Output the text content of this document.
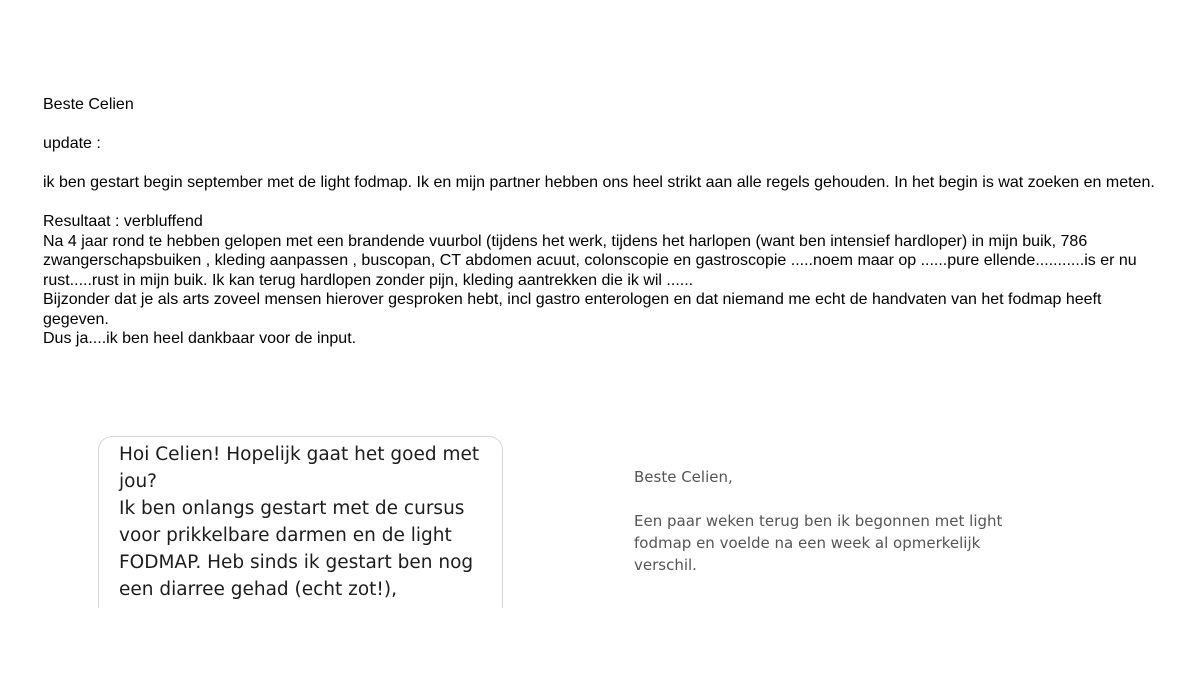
Beste Celien

update :

ik ben gestart begin september met de light fodmap. Ik en mijn partner hebben ons heel strikt aan alle regels gehouden. In het begin is wat zoeken en meten.

Resultaat : verbluffend

Na 4 jaar rond te hebben gelopen met een brandende vuurbol (tijdens het werk, tijdens het harlopen (want ben intensief hardloper) in mijn buik, 786 zwangerschapsbuiken , kleding aanpassen , buscopan, CT abdomen acuut, colonscopie en gastroscopie .....noem maar op ......pure ellende...........is er nu rust.....rust in mijn buik. Ik kan terug hardlopen zonder pijn, kleding aantrekken die ik wil ......

Bijzonder dat je als arts zoveel mensen hierover gesproken hebt, incl gastro enterologen en dat niemand me echt de handvaten van het fodmap heeft gegeven.

Dus ja....ik ben heel dankbaar voor de input.

Hoi Celien! Hopelijk gaat het goed met jou?
Ik ben onlangs gestart met de cursus voor prikkelbare darmen en de light FODMAP. Heb sinds ik gestart ben nog een diarree gehad (echt zot!),

Beste Celien,

Een paar weken terug ben ik begonnen met light
fodmap en voelde na een week al opmerkelijk
verschil.
